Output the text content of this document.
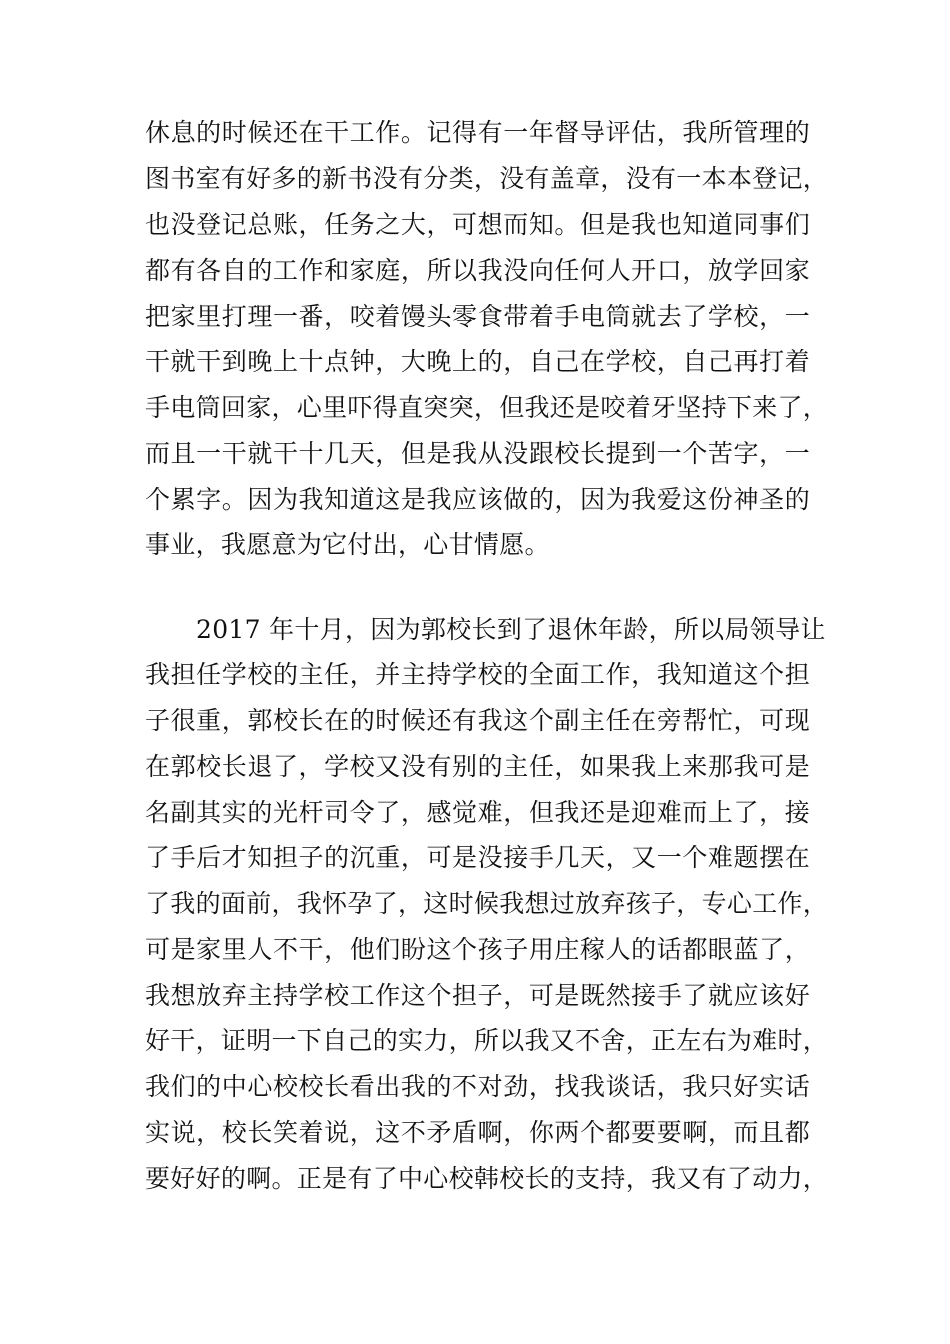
休息的时候还在干工作。记得有一年督导评估，我所管理的
图书室有好多的新书没有分类，没有盖章，没有一本本登记，
也没登记总账，任务之大，可想而知。但是我也知道同事们
都有各自的工作和家庭，所以我没向任何人开口，放学回家
把家里打理一番，咬着馒头零食带着手电筒就去了学校，一
干就干到晚上十点钟，大晚上的，自己在学校，自己再打着
手电筒回家，心里吓得直突突，但我还是咬着牙坚持下来了，
而且一干就干十几天，但是我从没跟校长提到一个苦字，一
个累字。因为我知道这是我应该做的，因为我爱这份神圣的
事业，我愿意为它付出，心甘情愿。
2017 年十月，因为郭校长到了退休年龄，所以局领导让
我担任学校的主任，并主持学校的全面工作，我知道这个担
子很重，郭校长在的时候还有我这个副主任在旁帮忙，可现
在郭校长退了，学校又没有别的主任，如果我上来那我可是
名副其实的光杆司令了，感觉难，但我还是迎难而上了，接
了手后才知担子的沉重，可是没接手几天，又一个难题摆在
了我的面前，我怀孕了，这时候我想过放弃孩子，专心工作，
可是家里人不干，他们盼这个孩子用庄稼人的话都眼蓝了，
我想放弃主持学校工作这个担子，可是既然接手了就应该好
好干，证明一下自己的实力，所以我又不舍，正左右为难时，
我们的中心校校长看出我的不对劲，找我谈话，我只好实话
实说，校长笑着说，这不矛盾啊，你两个都要要啊，而且都
要好好的啊。正是有了中心校韩校长的支持，我又有了动力，
